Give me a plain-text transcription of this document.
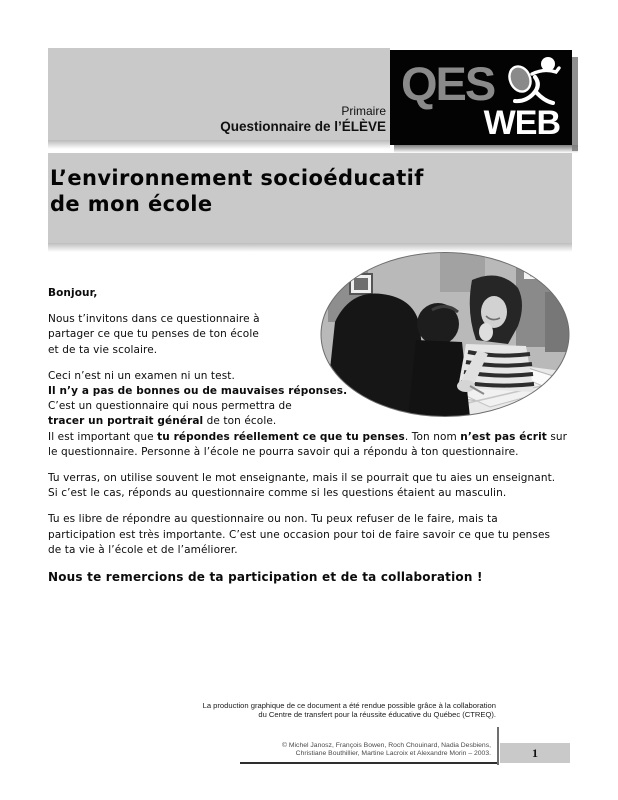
Primaire
Questionnaire de l’ÉLÈVE
QES
WEB
L’environnement socioéducatif
de mon école

Bonjour,

Nous t’invitons dans ce questionnaire à
partager ce que tu penses de ton école
et de ta vie scolaire.

Ceci n’est ni un examen ni un test.
Il n’y a pas de bonnes ou de mauvaises réponses.
C’est un questionnaire qui nous permettra de
tracer un portrait général de ton école.
Il est important que tu répondes réellement ce que tu penses. Ton nom n’est pas écrit sur
le questionnaire. Personne à l’école ne pourra savoir qui a répondu à ton questionnaire.

Tu verras, on utilise souvent le mot enseignante, mais il se pourrait que tu aies un enseignant.
Si c’est le cas, réponds au questionnaire comme si les questions étaient au masculin.

Tu es libre de répondre au questionnaire ou non. Tu peux refuser de le faire, mais ta
participation est très importante. C’est une occasion pour toi de faire savoir ce que tu penses
de ta vie à l’école et de l’améliorer.

Nous te remercions de ta participation et de ta collaboration !

La production graphique de ce document a été rendue possible grâce à la collaboration
du Centre de transfert pour la réussite éducative du Québec (CTREQ).
© Michel Janosz, François Bowen, Roch Chouinard, Nadia Desbiens,
Christiane Bouthillier, Martine Lacroix et Alexandre Morin – 2003.	1
